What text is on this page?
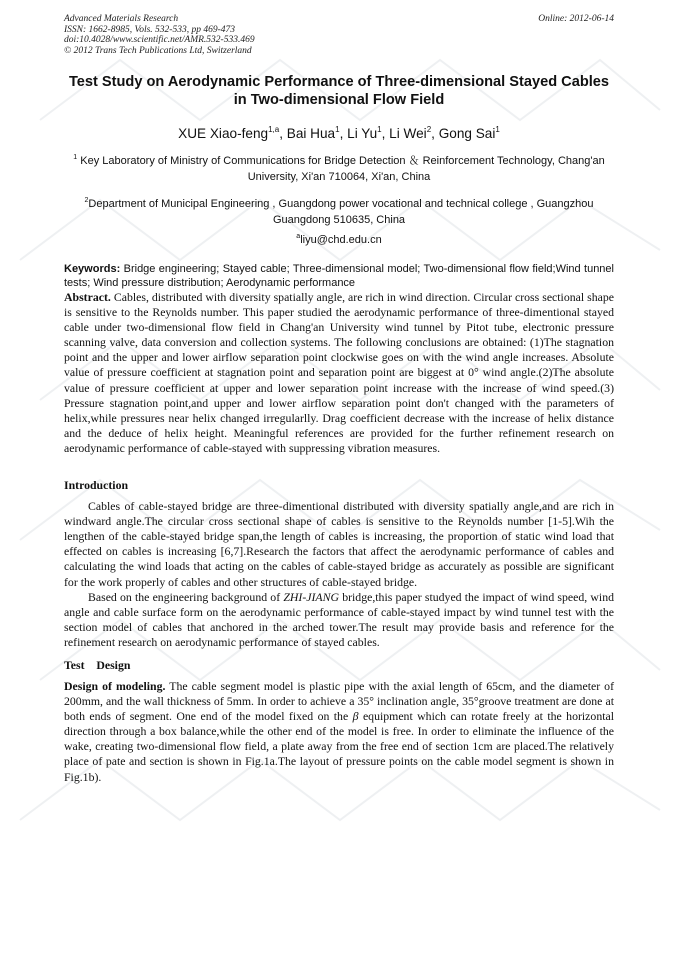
Advanced Materials Research
ISSN: 1662-8985, Vols. 532-533, pp 469-473
doi:10.4028/www.scientific.net/AMR.532-533.469
© 2012 Trans Tech Publications Ltd, Switzerland
Online: 2012-06-14
Test Study on Aerodynamic Performance of Three-dimensional Stayed Cables in Two-dimensional Flow Field
XUE Xiao-feng$^{1,a}$, Bai Hua$^1$, Li Yu$^1$, Li Wei$^2$, Gong Sai$^1$
$^1$ Key Laboratory of Ministry of Communications for Bridge Detection ＆ Reinforcement Technology, Chang'an University, Xi'an 710064, Xi'an, China
$^2$Department of Municipal Engineering , Guangdong power vocational and technical college , Guangzhou Guangdong 510635, China
$^a$liyu@chd.edu.cn
Keywords: Bridge engineering ; Stayed cable ; Three-dimensional model ; Two-dimensional flow field;Wind tunnel tests ; Wind pressure distribution ; Aerodynamic performance

Abstract. Cables, distributed with diversity spatially angle, are rich in wind direction. Circular cross sectional shape is sensitive to the Reynolds number. This paper studied the aerodynamic performance of three-dimentional stayed cable under two-dimensional flow field in Chang'an University wind tunnel by Pitot tube, electronic pressure scanning valve, data conversion and collection systems. The following conclusions are obtained: (1)The stagnation point and the upper and lower airflow separation point clockwise goes on with the wind angle increases. Absolute value of pressure coefficient at stagnation point and separation point are biggest at 0° wind angle.(2)The absolute value of pressure coefficient at upper and lower separation point increase with the increase of wind speed.(3) Pressure stagnation point,and upper and lower airflow separation point don't changed with the parameters of helix,while pressures near helix changed irregularlly. Drag coefficient decrease with the increase of helix distance and the deduce of helix height. Meaningful references are provided for the further refinement research on aerodynamic performance of cable-stayed with suppressing vibration measures.

Introduction

Cables of cable-stayed bridge are three-dimentional distributed with diversity spatially angle,and are rich in windward angle.The circular cross sectional shape of cables is sensitive to the Reynolds number [1-5].Wih the lengthen of the cable-stayed bridge span,the length of cables is increasing, the proportion of static wind load that effected on cables is increasing [6,7].Research the factors that affect the aerodynamic performance of cables and calculating the wind loads that acting on the cables of cable-stayed bridge as accurately as possible are significant for the work properly of cables and other structures of cable-stayed bridge.

Based on the engineering background of ZHI-JIANG bridge,this paper studyed the impact of wind speed, wind angle and cable surface form on the aerodynamic performance of cable-stayed impact by wind tunnel test with the section model of cables that anchored in the arched tower.The result may provide basis and reference for the refinement research on aerodynamic performance of stayed cables.

Test    Design

Design of modeling. The cable segment model is plastic pipe with the axial length of 65cm, and the diameter of 200mm, and the wall thickness of 5mm. In order to achieve a 35° inclination angle, 35°groove treatment are done at both ends of segment. One end of the model fixed on the β equipment which can rotate freely at the horizontal direction through a box balance,while the other end of the model is free. In order to eliminate the influence of the wake, creating two-dimensional flow field, a plate away from the free end of section 1cm are placed.The relatively place of pate and section is shown in Fig.1a.The layout of pressure points on the cable model segment is shown in Fig.1b).
